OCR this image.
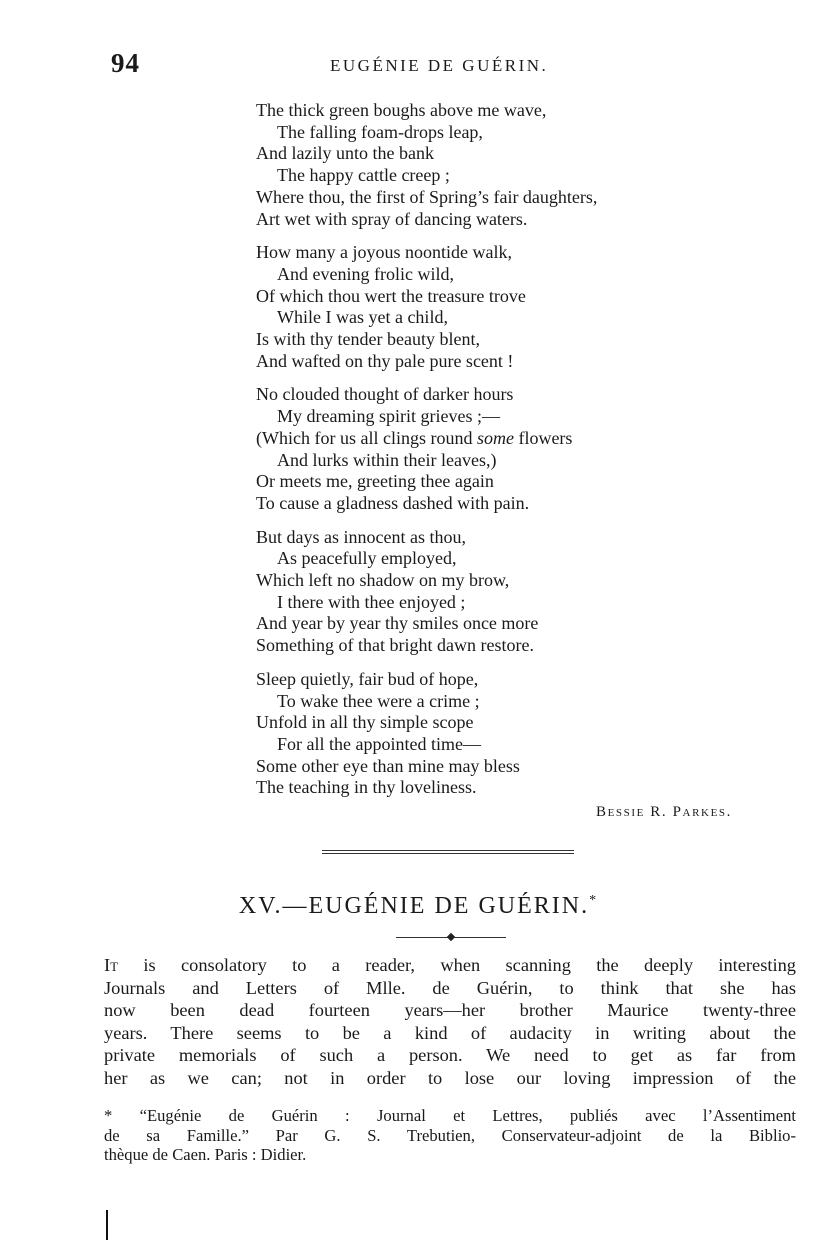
94	EUGÉNIE DE GUÉRIN.
The thick green boughs above me wave,
The falling foam-drops leap,
And lazily unto the bank
The happy cattle creep ;
Where thou, the first of Spring’s fair daughters,
Art wet with spray of dancing waters.
How many a joyous noontide walk,
And evening frolic wild,
Of which thou wert the treasure trove
While I was yet a child,
Is with thy tender beauty blent,
And wafted on thy pale pure scent !
No clouded thought of darker hours
My dreaming spirit grieves ;—
(Which for us all clings round some flowers
And lurks within their leaves,)
Or meets me, greeting thee again
To cause a gladness dashed with pain.
But days as innocent as thou,
As peacefully employed,
Which left no shadow on my brow,
I there with thee enjoyed ;
And year by year thy smiles once more
Something of that bright dawn restore.
Sleep quietly, fair bud of hope,
To wake thee were a crime ;
Unfold in all thy simple scope
For all the appointed time—
Some other eye than mine may bless
The teaching in thy loveliness.
Bessie R. Parkes.
XV.—EUGÉNIE DE GUÉRIN.*
It is consolatory to a reader, when scanning the deeply interesting
Journals and Letters of Mlle. de Guérin, to think that she has
now been dead fourteen years—her brother Maurice twenty-three
years. There seems to be a kind of audacity in writing about the
private memorials of such a person. We need to get as far from
her as we can; not in order to lose our loving impression of the
* “Eugénie de Guérin : Journal et Lettres, publiés avec l’Assentiment
de sa Famille.” Par G. S. Trebutien, Conservateur-adjoint de la Biblio-
thèque de Caen. Paris : Didier.
